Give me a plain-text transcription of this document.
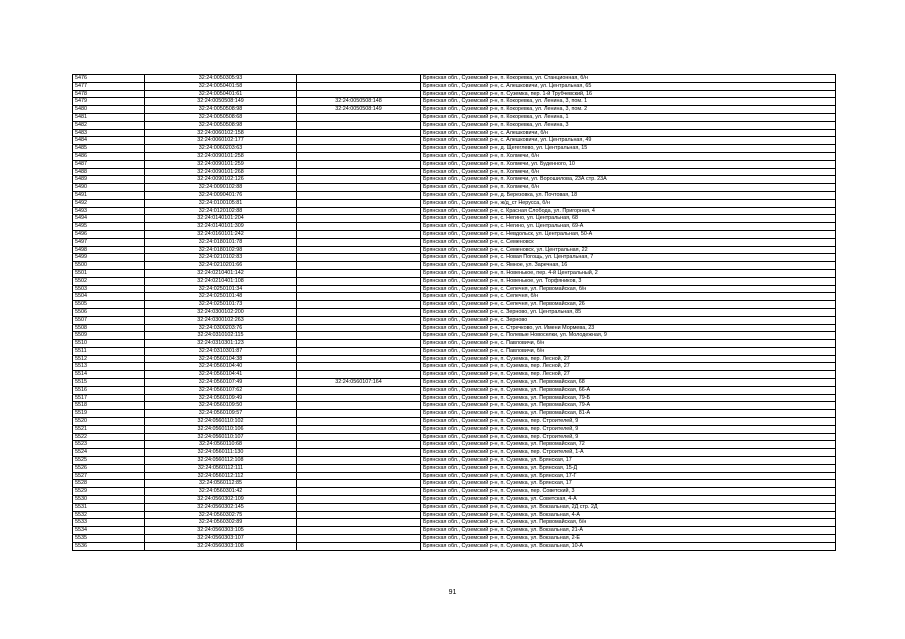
5476	32:24:0050305:93		Брянская обл., Суземский р-н, п. Кокоревка, ул. Станционная, б/н
5477	32:24:0050401:58		Брянская обл., Суземский р-н, с. Алешковичи, ул. Центральная, 65
5478	32:24:0050401:61		Брянская обл., Суземский р-н, п. Суземка, пер. 1-й Трубчевский, 16
5479	32:24:0050508:149	32:24:0050508:148	Брянская обл., Суземский р-н, п. Кокоревка, ул. Ленина, 3, пом. 1
5480	32:24:0050508:98	32:24:0050508:149	Брянская обл., Суземский р-н, п. Кокоревка, ул. Ленина, 3, пом. 2
5481	32:24:0050508:68		Брянская обл., Суземский р-н, п. Кокоревка, ул. Ленина, 1
5482	32:24:0050508:98		Брянская обл., Суземский р-н, п. Кокоревка, ул. Ленина, 3
5483	32:24:0060102:158		Брянская обл., Суземский р-н, с. Алешковичи, б/н
5484	32:24:0060102:177		Брянская обл., Суземский р-н, с. Алешковичи, ул. Центральная, 49
5485	32:24:0060203:63		Брянская обл., Суземский р-н, д. Щегеглево, ул. Центральная, 15
5486	32:24:0090101:258		Брянская обл., Суземский р-н, п. Холмечи, б/н
5487	32:24:0090101:259		Брянская обл., Суземский р-н, п. Холмечи, ул. Буденного, 10
5488	32:24:0090101:268		Брянская обл., Суземский р-н, п. Холмечи, б/н
5489	32:24:0090102:126		Брянская обл., Суземский р-н, п. Холмечи, ул. Ворошилова, 23А стр. 23А
5490	32:24:0090102:88		Брянская обл., Суземский р-н, п. Холмечи, б/н
5491	32:24:0090401:76		Брянская обл., Суземский р-н, д. Березовка, ул. Почтовая, 18
5492	32:24:0100105:81		Брянская обл., Суземский р-н, ж/д_ст Нерусса, б/н
5493	32:24:0120102:88		Брянская обл., Суземский р-н, с. Красная Слобода, ул. Пригорная, 4
5494	32:24:0140101:204		Брянская обл., Суземский р-н, с. Негино, ул. Центральная, 68
5495	32:24:0140101:309		Брянская обл., Суземский р-н, с. Негино, ул. Центральная, 69-А
5496	32:24:0160101:242		Брянская обл., Суземский р-н, с. Невдольск, ул. Центральная, 50-А
5497	32:24:0180101:78		Брянская обл., Суземский р-н, с. Семеновск
5498	32:24:0180102:98		Брянская обл., Суземский р-н, с. Семеновск, ул. Центральная, 22
5499	32:24:0210102:83		Брянская обл., Суземский р-н, с. Новая Погощь, ул. Центральная, 7
5500	32:24:0210201:66		Брянская обл., Суземский р-н, с. Ямное, ул. Заречная, 16
5501	32:24:0210401:142		Брянская обл., Суземский р-н, п. Новенькое, пер. 4-й Центральный, 2
5502	32:24:0210401:108		Брянская обл., Суземский р-н, п. Новенькое, ул. Торфяников, 3
5503	32:24:0250101:34		Брянская обл., Суземский р-н, с. Сепечня, ул. Первомайская, б/н
5504	32:24:0250101:48		Брянская обл., Суземский р-н, с. Сепечня, б/н
5505	32:24:0250101:73		Брянская обл., Суземский р-н, с. Сепечня, ул. Первомайская, 26
5506	32:24:0300102:200		Брянская обл., Суземский р-н, с. Зерново, ул. Центральная, 85
5507	32:24:0300102:263		Брянская обл., Суземский р-н, с. Зерново
5508	32:24:0300203:76		Брянская обл., Суземский р-н, с. Стречково, ул. Имени Мормева, 23
5509	32:24:0310102:115		Брянская обл., Суземский р-н, с. Полевые Новоселки, ул. Молодежная, 9
5510	32:24:0310301:123		Брянская обл., Суземский р-н, с. Павловичи, б/н
5511	32:24:0310301:87		Брянская обл., Суземский р-н, с. Павловичи, б/н
5512	32:24:0560104:38		Брянская обл., Суземский р-н, п. Суземка, пер. Лесной, 27
5513	32:24:0560104:40		Брянская обл., Суземский р-н, п. Суземка, пер. Лесной, 27
5514	32:24:0560104:41		Брянская обл., Суземский р-н, п. Суземка, пер. Лесной, 27
5515	32:24:0560107:49	32:24:0560107:164	Брянская обл., Суземский р-н, п. Суземка, ул. Первомайская, 68
5516	32:24:0560107:62		Брянская обл., Суземский р-н, п. Суземка, ул. Первомайская, 66-А
5517	32:24:0560109:49		Брянская обл., Суземский р-н, п. Суземка, ул. Первомайская, 79-Б
5518	32:24:0560109:50		Брянская обл., Суземский р-н, п. Суземка, ул. Первомайская, 79-А
5519	32:24:0560109:57		Брянская обл., Суземский р-н, п. Суземка, ул. Первомайская, 81-А
5520	32:24:0560110:102		Брянская обл., Суземский р-н, п. Суземка, пер. Строителей, 9
5521	32:24:0560110:106		Брянская обл., Суземский р-н, п. Суземка, пер. Строителей, 9
5522	32:24:0560110:107		Брянская обл., Суземский р-н, п. Суземка, пер. Строителей, 9
5523	32:24:0560110:68		Брянская обл., Суземский р-н, п. Суземка, ул. Первомайская, 72
5524	32:24:0560111:130		Брянская обл., Суземский р-н, п. Суземка, пер. Строителей, 1-А
5525	32:24:0560112:108		Брянская обл., Суземский р-н, п. Суземка, ул. Брянская, 17
5526	32:24:0560112:111		Брянская обл., Суземский р-н, п. Суземка, ул. Брянская, 15-Д
5527	32:24:0560112:112		Брянская обл., Суземский р-н, п. Суземка, ул. Брянская, 17-Г
5528	32:24:0560112:85		Брянская обл., Суземский р-н, п. Суземка, ул. Брянская, 17
5529	32:24:0560301:42		Брянская обл., Суземский р-н, п. Суземка, пер. Советский, 3
5530	32:24:0560302:109		Брянская обл., Суземский р-н, п. Суземка, ул. Советская, 4-А
5531	32:24:0560302:145		Брянская обл., Суземский р-н, п. Суземка, ул. Вокзальная, 2Д стр. 2Д
5532	32:24:0560302:75		Брянская обл., Суземский р-н, п. Суземка, ул. Вокзальная, 4-А
5533	32:24:0560302:89		Брянская обл., Суземский р-н, п. Суземка, ул. Первомайская, б/н
5534	32:24:0560303:105		Брянская обл., Суземский р-н, п. Суземка, ул. Вокзальная, 21-А
5535	32:24:0560303:107		Брянская обл., Суземский р-н, п. Суземка, ул. Вокзальная, 2-Е
5536	32:24:0560303:108		Брянская обл., Суземский р-н, п. Суземка, ул. Вокзальная, 10-А
91
